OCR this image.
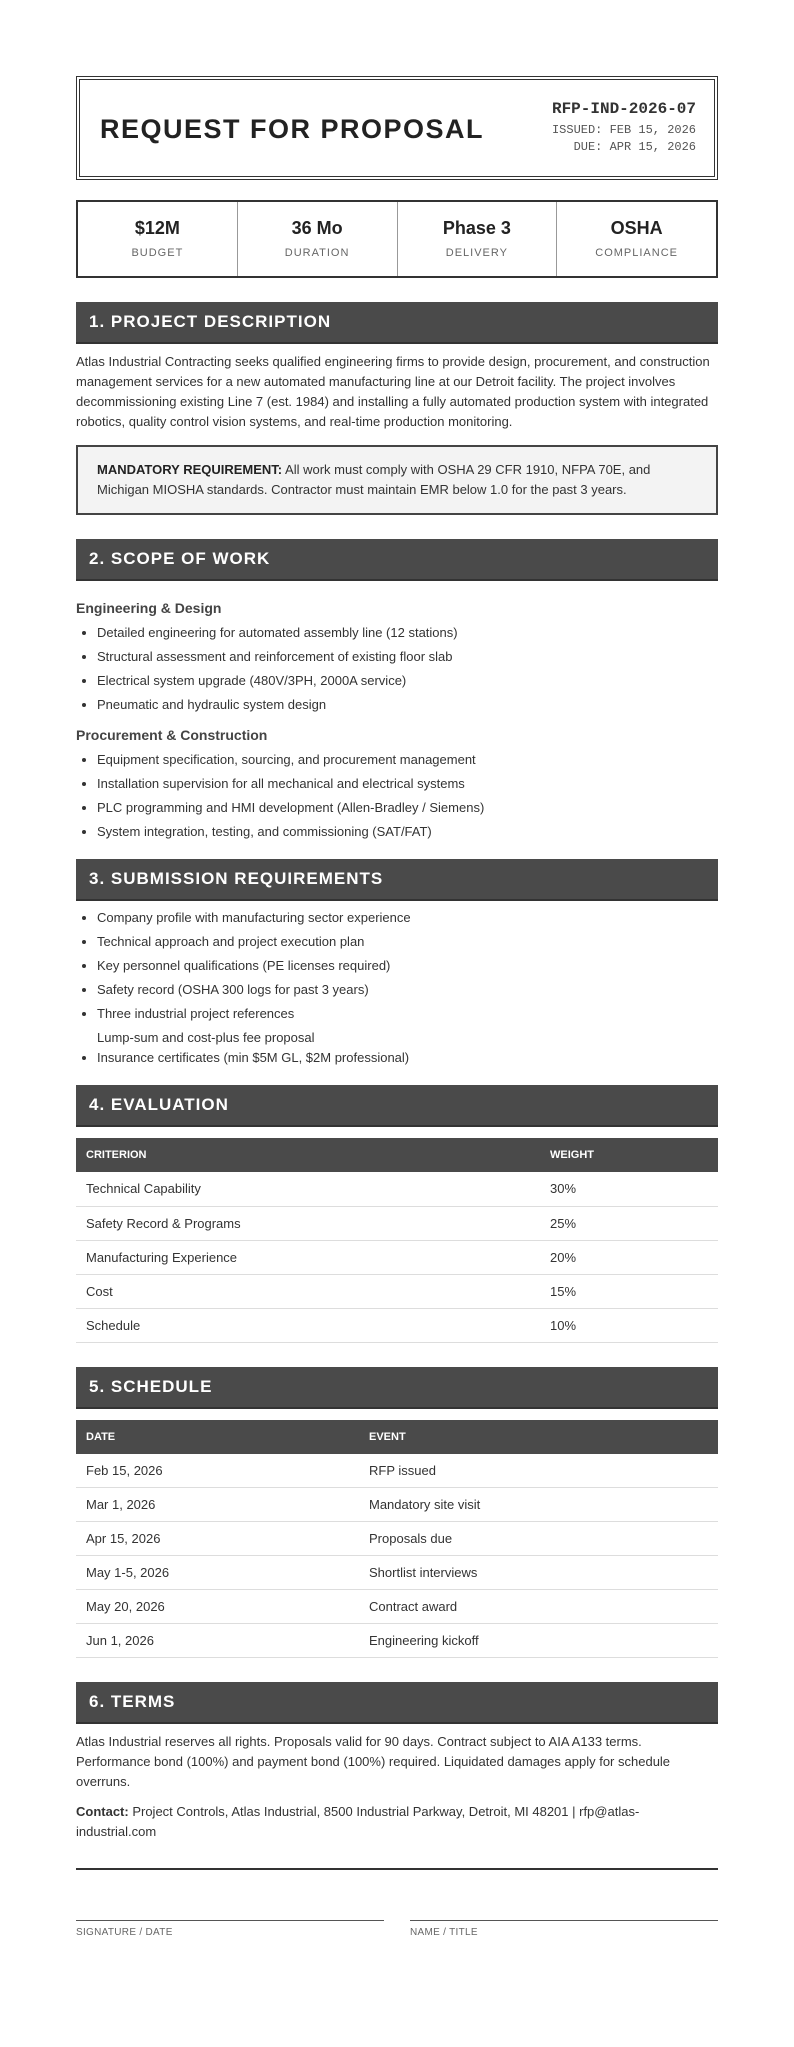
REQUEST FOR PROPOSAL
RFP-IND-2026-07
ISSUED: FEB 15, 2026
DUE: APR 15, 2026
$12M
BUDGET
36 Mo
DURATION
Phase 3
DELIVERY
OSHA
COMPLIANCE
1. PROJECT DESCRIPTION

Atlas Industrial Contracting seeks qualified engineering firms to provide design, procurement, and construction management services for a new automated manufacturing line at our Detroit facility. The project involves decommissioning existing Line 7 (est. 1984) and installing a fully automated production system with integrated robotics, quality control vision systems, and real-time production monitoring.

MANDATORY REQUIREMENT: All work must comply with OSHA 29 CFR 1910, NFPA 70E, and Michigan MIOSHA standards. Contractor must maintain EMR below 1.0 for the past 3 years.
2. SCOPE OF WORK
Engineering & Design
• Detailed engineering for automated assembly line (12 stations)
• Structural assessment and reinforcement of existing floor slab
• Electrical system upgrade (480V/3PH, 2000A service)
• Pneumatic and hydraulic system design
Procurement & Construction
• Equipment specification, sourcing, and procurement management
• Installation supervision for all mechanical and electrical systems
• PLC programming and HMI development (Allen-Bradley / Siemens)
• System integration, testing, and commissioning (SAT/FAT)
3. SUBMISSION REQUIREMENTS
• Company profile with manufacturing sector experience
• Technical approach and project execution plan
• Key personnel qualifications (PE licenses required)
• Safety record (OSHA 300 logs for past 3 years)
• Three industrial project references
Lump-sum and cost-plus fee proposal
• Insurance certificates (min $5M GL, $2M professional)
4. EVALUATION
CRITERION	WEIGHT
Technical Capability	30%
Safety Record & Programs	25%
Manufacturing Experience	20%
Cost	15%
Schedule	10%
5. SCHEDULE
DATE	EVENT
Feb 15, 2026	RFP issued
Mar 1, 2026	Mandatory site visit
Apr 15, 2026	Proposals due
May 1-5, 2026	Shortlist interviews
May 20, 2026	Contract award
Jun 1, 2026	Engineering kickoff
6. TERMS

Atlas Industrial reserves all rights. Proposals valid for 90 days. Contract subject to AIA A133 terms. Performance bond (100%) and payment bond (100%) required. Liquidated damages apply for schedule overruns.

Contact: Project Controls, Atlas Industrial, 8500 Industrial Parkway, Detroit, MI 48201 | rfp@atlas-industrial.com

SIGNATURE / DATE	NAME / TITLE
